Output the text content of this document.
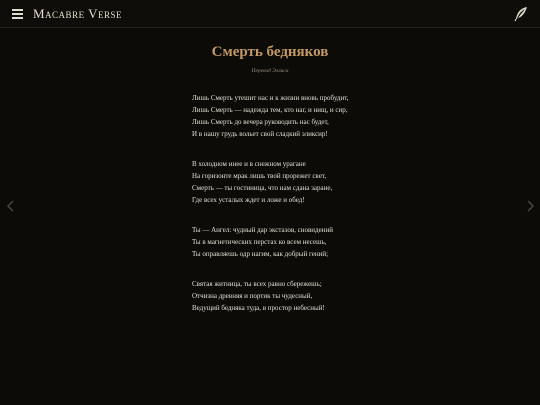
Macabre Verse
Смерть бедняков
Перевод Эллиса
Лишь Смерть утешит нас и к жизни вновь пробудит,
Лишь Смерть — надежда тем, кто наг, и нищ, и сир,
Лишь Смерть до вечера руководить нас будет,
И в нашу грудь вольет свой сладкий эликсир!
В холодном инее и в снежном урагане
На горизонте мрак лишь твой прорежет свет,
Смерть — ты гостиница, что нам сдана заране,
Где всех усталых ждет и ложе и обед!
Ты — Ангел: чудный дар экстазов, сновидений
Ты в магнетических перстах ко всем несешь,
Ты оправляешь одр нагим, как добрый гений;
Святая житница, ты всех равно сбережешь;
Отчизна древняя и портик ты чудесный,
Ведущий бедняка туда, в простор небесный!
